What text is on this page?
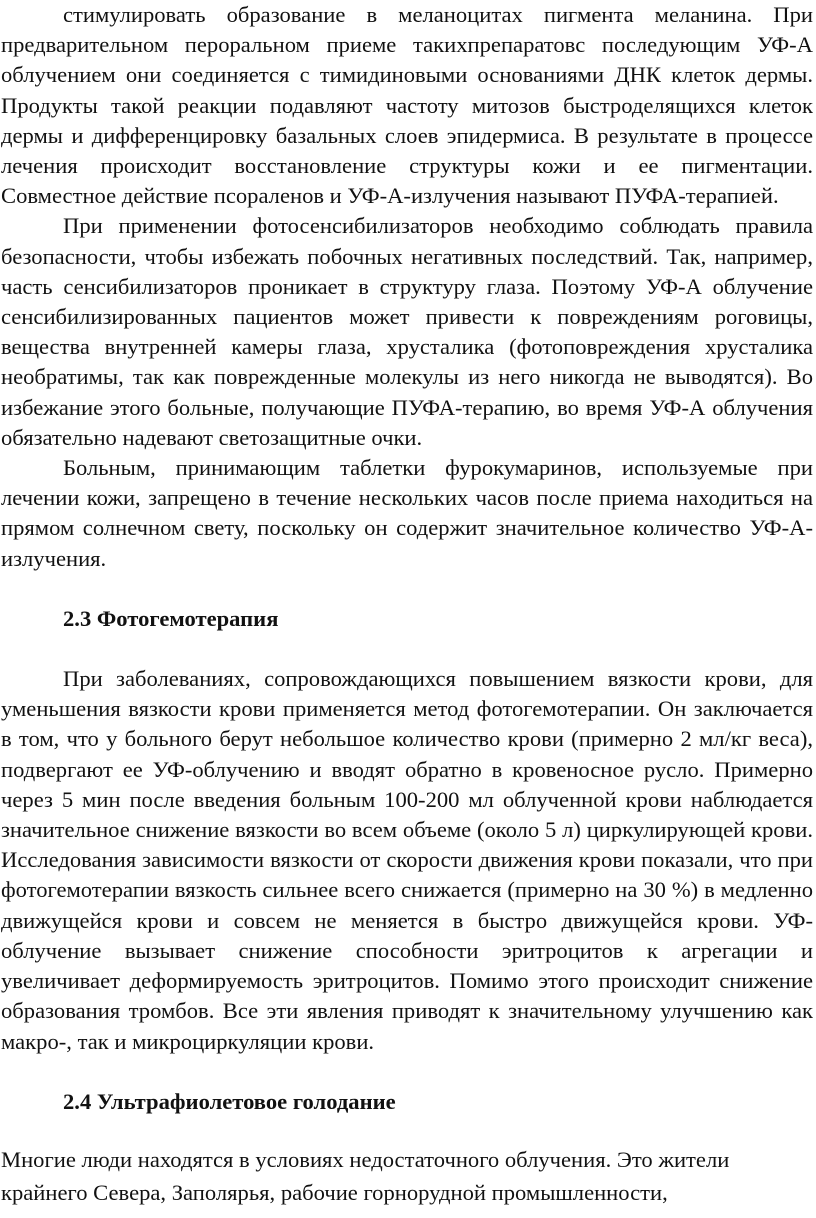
стимулировать образование в меланоцитах пигмента меланина. При предварительном пероральном приеме такихпрепаратовс последующим УФ-А облучением они соединяется с тимидиновыми основаниями ДНК клеток дермы. Продукты такой реакции подавляют частоту митозов быстроделящихся клеток дермы и дифференцировку базальных слоев эпидермиса. В результате в процессе лечения происходит восстановление структуры кожи и ее пигментации. Совместное действие псораленов и УФ-А-излучения называют ПУФА-терапией.

При применении фотосенсибилизаторов необходимо соблюдать правила безопасности, чтобы избежать побочных негативных последствий. Так, например, часть сенсибилизаторов проникает в структуру глаза. Поэтому УФ-А облучение сенсибилизированных пациентов может привести к повреждениям роговицы, вещества внутренней камеры глаза, хрусталика (фотоповреждения хрусталика необратимы, так как поврежденные молекулы из него никогда не выводятся). Во избежание этого больные, получающие ПУФА-терапию, во время УФ-А облучения обязательно надевают светозащитные очки.

Больным, принимающим таблетки фурокумаринов, используемые при лечении кожи, запрещено в течение нескольких часов после приема находиться на прямом солнечном свету, поскольку он содержит значительное количество УФ-А-излучения.

2.3 Фотогемотерапия

При заболеваниях, сопровождающихся повышением вязкости крови, для уменьшения вязкости крови применяется метод фотогемотерапии. Он заключается в том, что у больного берут небольшое количество крови (примерно 2 мл/кг веса), подвергают ее УФ-облучению и вводят обратно в кровеносное русло. Примерно через 5 мин после введения больным 100-200 мл облученной крови наблюдается значительное снижение вязкости во всем объеме (около 5 л) циркулирующей крови. Исследования зависимости вязкости от скорости движения крови показали, что при фотогемотерапии вязкость сильнее всего снижается (примерно на 30 %) в медленно движущейся крови и совсем не меняется в быстро движущейся крови. УФ-облучение вызывает снижение способности эритроцитов к агрегации и увеличивает деформируемость эритроцитов. Помимо этого происходит снижение образования тромбов. Все эти явления приводят к значительному улучшению как макро-, так и микроциркуляции крови.

2.4 Ультрафиолетовое голодание

Многие люди находятся в условиях недостаточного облучения. Это жители крайнего Севера, Заполярья, рабочие горнорудной промышленности,
